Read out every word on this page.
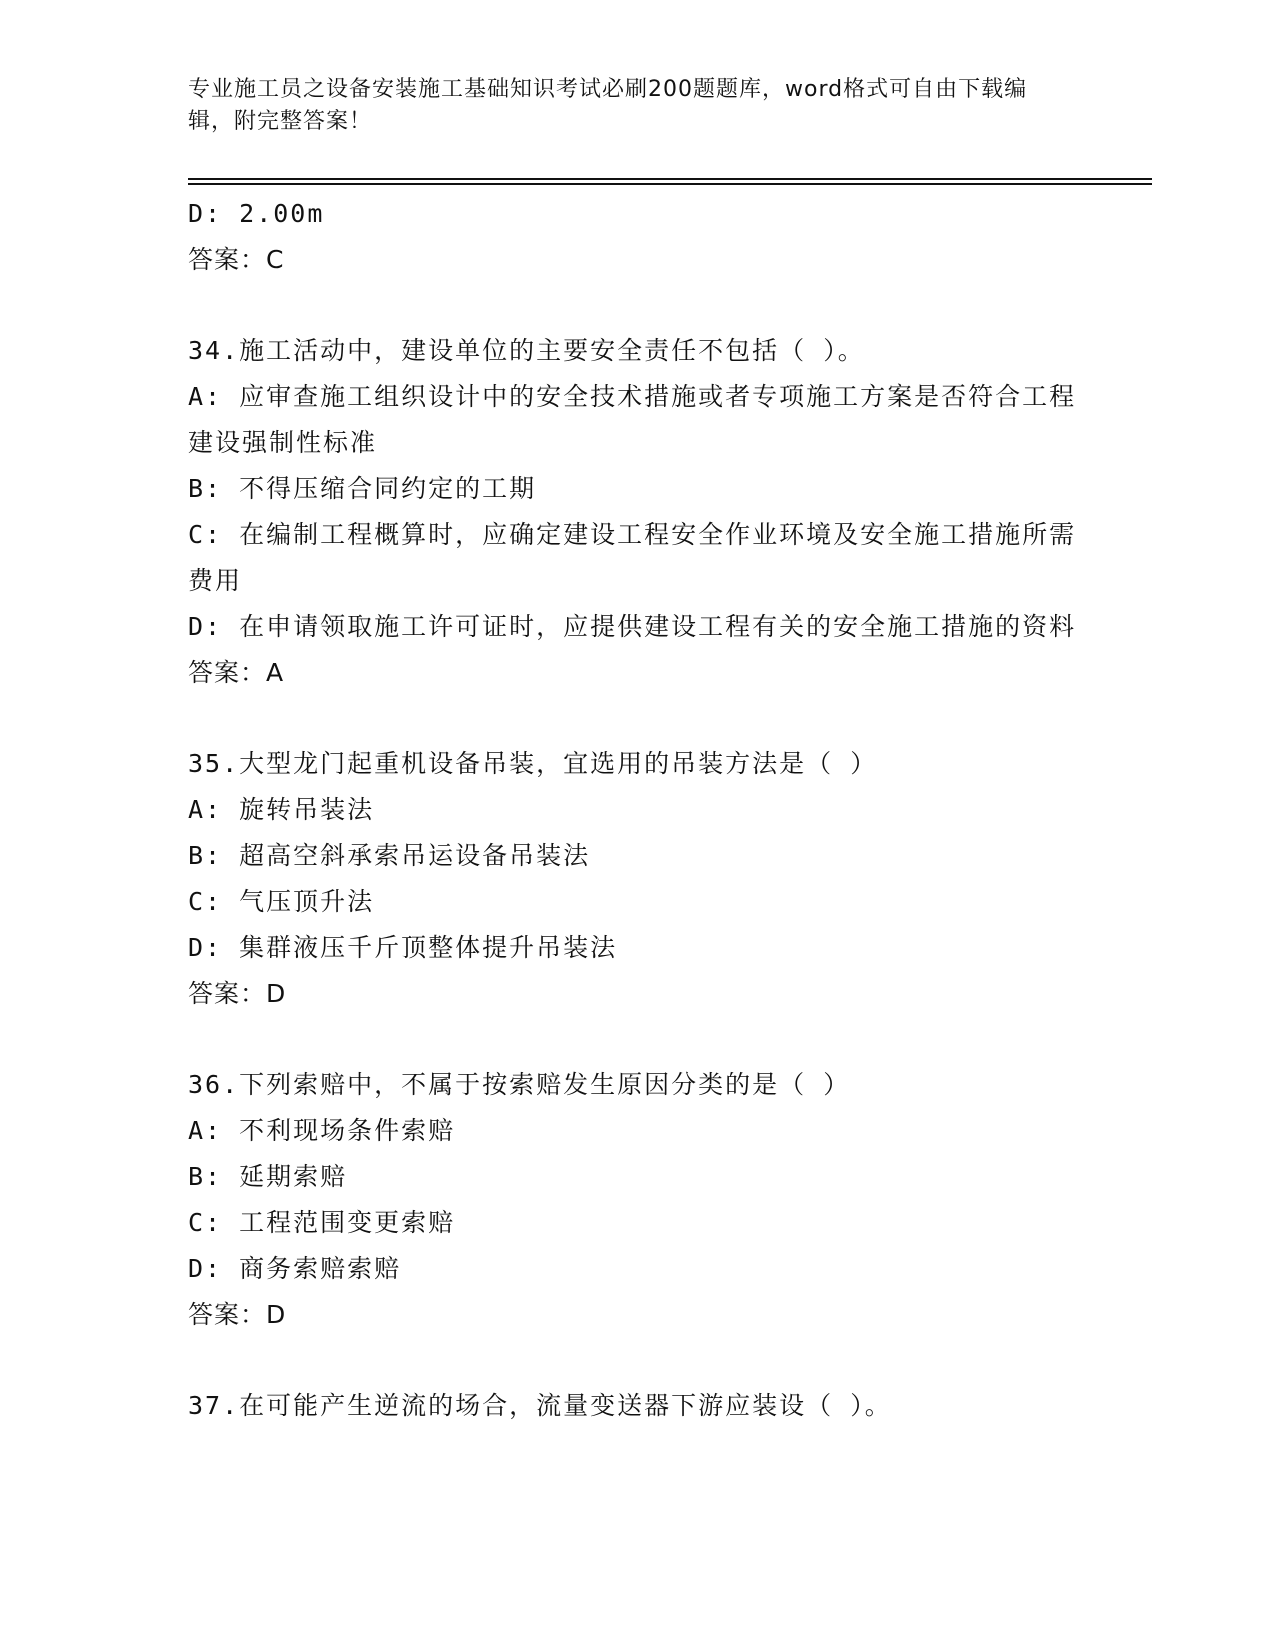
专业施工员之设备安装施工基础知识考试必刷200题题库，word格式可自由下载编辑，附完整答案！
D: 2.00m
答案：C
34.施工活动中，建设单位的主要安全责任不包括（ ）。
A: 应审查施工组织设计中的安全技术措施或者专项施工方案是否符合工程建设强制性标准
B: 不得压缩合同约定的工期
C: 在编制工程概算时，应确定建设工程安全作业环境及安全施工措施所需费用
D: 在申请领取施工许可证时，应提供建设工程有关的安全施工措施的资料
答案：A
35.大型龙门起重机设备吊装，宜选用的吊装方法是（ ）
A: 旋转吊装法
B: 超高空斜承索吊运设备吊装法
C: 气压顶升法
D: 集群液压千斤顶整体提升吊装法
答案：D
36.下列索赔中，不属于按索赔发生原因分类的是（ ）
A: 不利现场条件索赔
B: 延期索赔
C: 工程范围变更索赔
D: 商务索赔索赔
答案：D
37.在可能产生逆流的场合，流量变送器下游应装设（ ）。
